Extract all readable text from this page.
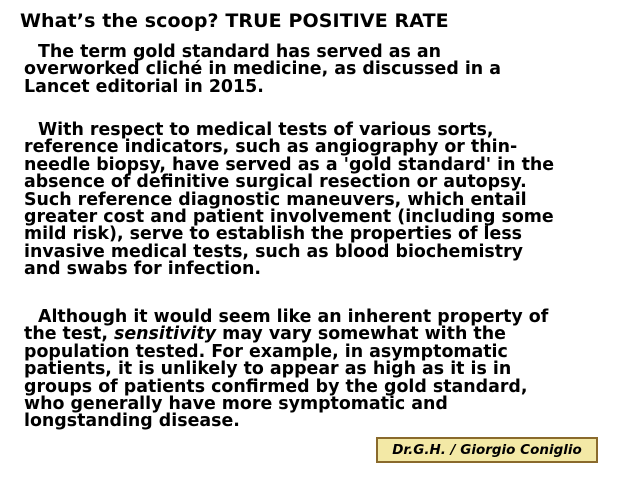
What’s the scoop? TRUE POSITIVE RATE
The term gold standard has served as an
overworked cliché in medicine, as discussed in a
Lancet editorial in 2015.
With respect to medical tests of various sorts,
reference indicators, such as angiography or thin-
needle biopsy, have served as a 'gold standard' in the
absence of definitive surgical resection or autopsy.
Such reference diagnostic maneuvers, which entail
greater cost and patient involvement (including some
mild risk), serve to establish the properties of less
invasive medical tests, such as blood biochemistry
and swabs for infection.
Although it would seem like an inherent property of
the test, sensitivity may vary somewhat with the
population tested. For example, in asymptomatic
patients, it is unlikely to appear as high as it is in
groups of patients confirmed by the gold standard,
who generally have more symptomatic and
longstanding disease.
Dr.G.H. / Giorgio Coniglio
